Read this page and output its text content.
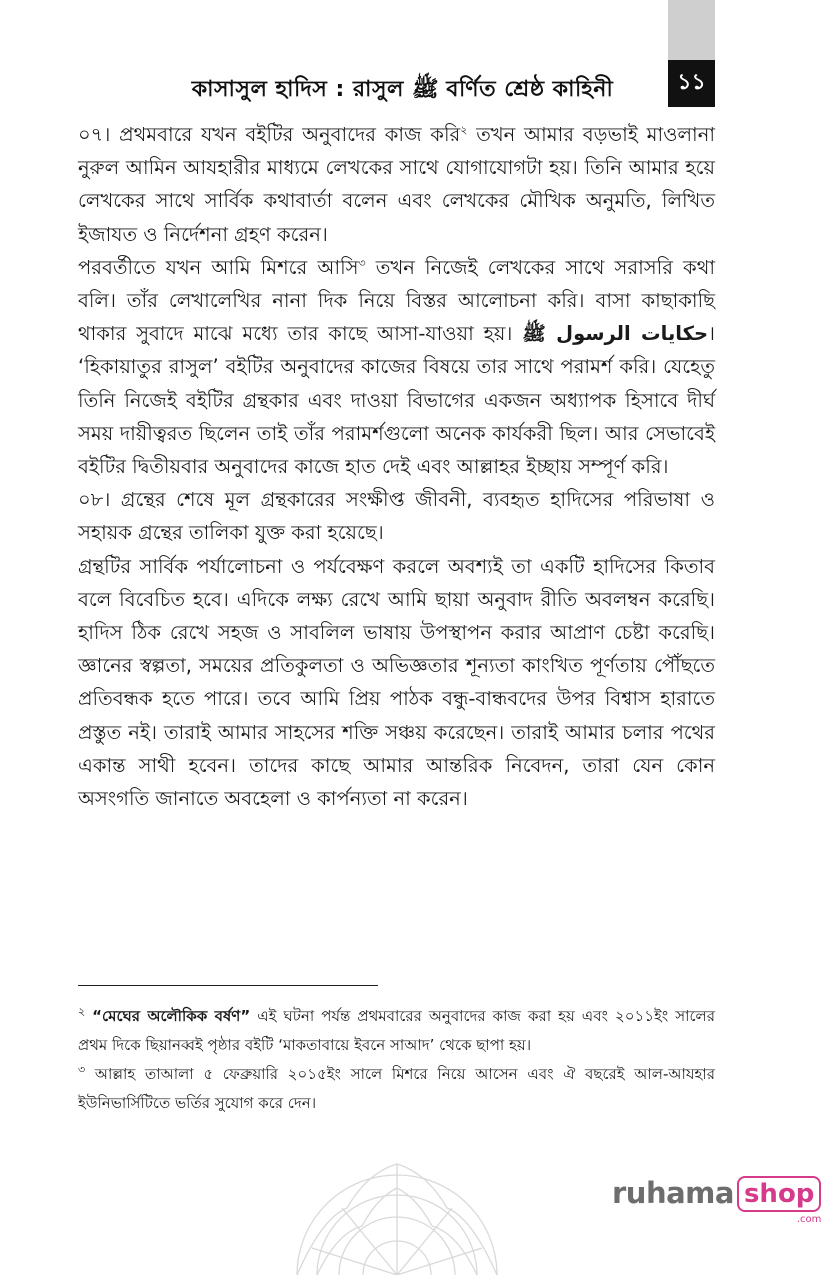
১১
কাসাসুল হাদিস : রাসুল ﷺ বর্ণিত শ্রেষ্ঠ কাহিনী

০৭। প্রথমবারে যখন বইটির অনুবাদের কাজ করি$^২$ তখন আমার বড়ভাই মাওলানা নুরুল আমিন আযহারীর মাধ্যমে লেখকের সাথে যোগাযোগটা হয়। তিনি আমার হয়ে লেখকের সাথে সার্বিক কথাবার্তা বলেন এবং লেখকের মৌখিক অনুমতি, লিখিত ইজাযত ও নির্দেশনা গ্রহণ করেন।

পরবর্তীতে যখন আমি মিশরে আসি$^৩$ তখন নিজেই লেখকের সাথে সরাসরি কথা বলি। তাঁর লেখালেখির নানা দিক নিয়ে বিস্তর আলোচনা করি। বাসা কাছাকাছি থাকার সুবাদে মাঝে মধ্যে তার কাছে আসা-যাওয়া হয়। حكايات الرسول ﷺ। ‘হিকায়াতুর রাসুল’ বইটির অনুবাদের কাজের বিষয়ে তার সাথে পরামর্শ করি। যেহেতু তিনি নিজেই বইটির গ্রন্থকার এবং দাওয়া বিভাগের একজন অধ্যাপক হিসাবে দীর্ঘ সময় দায়ীত্বরত ছিলেন তাই তাঁর পরামর্শগুলো অনেক কার্যকরী ছিল। আর সেভাবেই বইটির দ্বিতীয়বার অনুবাদের কাজে হাত দেই এবং আল্লাহর ইচ্ছায় সম্পূর্ণ করি।

০৮। গ্রন্থের শেষে মূল গ্রন্থকারের সংক্ষীপ্ত জীবনী, ব্যবহৃত হাদিসের পরিভাষা ও সহায়ক গ্রন্থের তালিকা যুক্ত করা হয়েছে।

গ্রন্থটির সার্বিক পর্যালোচনা ও পর্যবেক্ষণ করলে অবশ্যই তা একটি হাদিসের কিতাব বলে বিবেচিত হবে। এদিকে লক্ষ্য রেখে আমি ছায়া অনুবাদ রীতি অবলম্বন করেছি। হাদিস ঠিক রেখে সহজ ও সাবলিল ভাষায় উপস্থাপন করার আপ্রাণ চেষ্টা করেছি। জ্ঞানের স্বল্পতা, সময়ের প্রতিকুলতা ও অভিজ্ঞতার শূন্যতা কাংখিত পূর্ণতায় পৌঁছতে প্রতিবন্ধক হতে পারে। তবে আমি প্রিয় পাঠক বন্ধু-বান্ধবদের উপর বিশ্বাস হারাতে প্রস্তুত নই। তারাই আমার সাহসের শক্তি সঞ্চয় করেছেন। তারাই আমার চলার পথের একান্ত সাথী হবেন। তাদের কাছে আমার আন্তরিক নিবেদন, তারা যেন কোন অসংগতি জানাতে অবহেলা ও কার্পন্যতা না করেন।

$^২$ “মেঘের অলৌকিক বর্ষণ” এই ঘটনা পর্যন্ত প্রথমবারের অনুবাদের কাজ করা হয় এবং ২০১১ইং সালের প্রথম দিকে ছিয়ানব্বই পৃষ্ঠার বইটি ‘মাকতাবায়ে ইবনে সাআদ’ থেকে ছাপা হয়।

$^৩$ আল্লাহ তাআলা ৫ ফেব্রুয়ারি ২০১৫ইং সালে মিশরে নিয়ে আসেন এবং ঐ বছরেই আল-আযহার ইউনিভার্সিটিতে ভর্তির সুযোগ করে দেন।

ruhama shop
.com
